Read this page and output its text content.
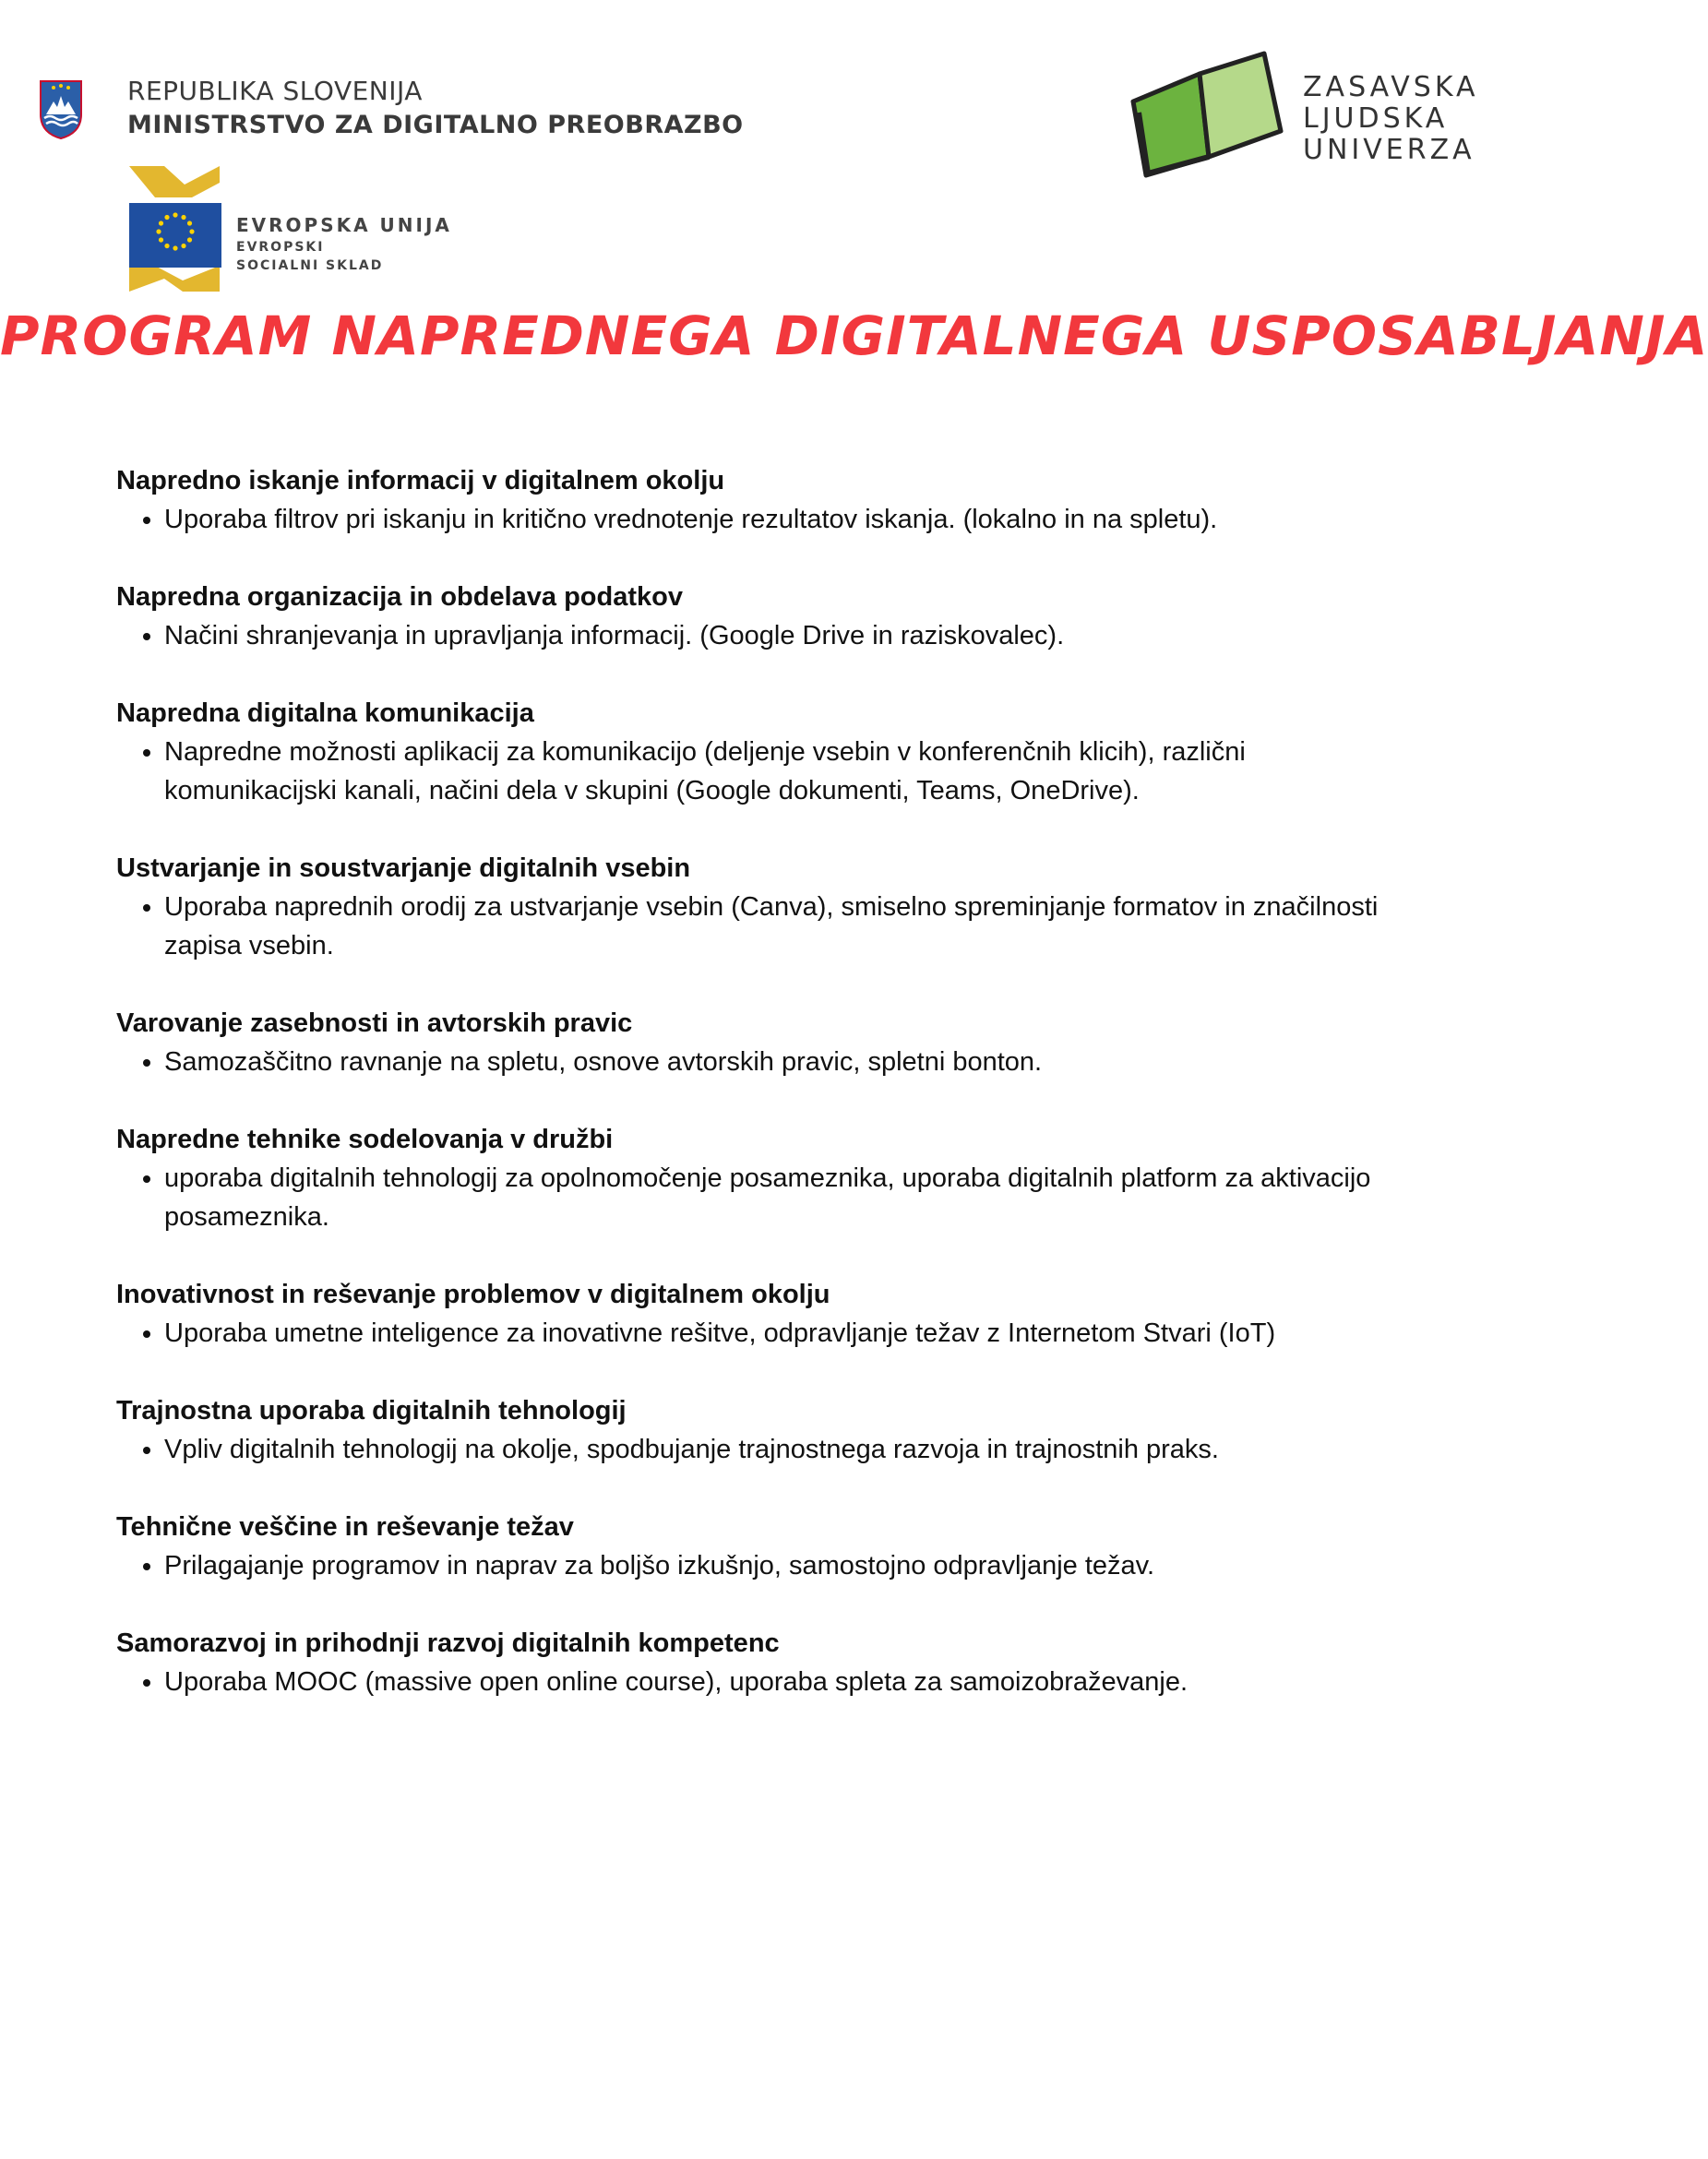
REPUBLIKA SLOVENIJA
MINISTRSTVO ZA DIGITALNO PREOBRAZBO
ZASAVSKA
LJUDSKA
UNIVERZA
EVROPSKA UNIJA
EVROPSKI
SOCIALNI SKLAD
PROGRAM NAPREDNEGA DIGITALNEGA USPOSABLJANJA

Napredno iskanje informacij v digitalnem okolju

• Uporaba filtrov pri iskanju in kritično vrednotenje rezultatov iskanja. (lokalno in na spletu).

Napredna organizacija in obdelava podatkov

• Načini shranjevanja in upravljanja informacij. (Google Drive in raziskovalec).

Napredna digitalna komunikacija

• Napredne možnosti aplikacij za komunikacijo (deljenje vsebin v konferenčnih klicih), različni komunikacijski kanali, načini dela v skupini (Google dokumenti, Teams, OneDrive).

Ustvarjanje in soustvarjanje digitalnih vsebin

• Uporaba naprednih orodij za ustvarjanje vsebin (Canva), smiselno spreminjanje formatov in značilnosti zapisa vsebin.

Varovanje zasebnosti in avtorskih pravic

• Samozaščitno ravnanje na spletu, osnove avtorskih pravic, spletni bonton.

Napredne tehnike sodelovanja v družbi

• uporaba digitalnih tehnologij za opolnomočenje posameznika, uporaba digitalnih platform za aktivacijo posameznika.

Inovativnost in reševanje problemov v digitalnem okolju

• Uporaba umetne inteligence za inovativne rešitve, odpravljanje težav z Internetom Stvari (IoT)

Trajnostna uporaba digitalnih tehnologij

• Vpliv digitalnih tehnologij na okolje, spodbujanje trajnostnega razvoja in trajnostnih praks.

Tehnične veščine in reševanje težav

• Prilagajanje programov in naprav za boljšo izkušnjo, samostojno odpravljanje težav.

Samorazvoj in prihodnji razvoj digitalnih kompetenc

• Uporaba MOOC (massive open online course), uporaba spleta za samoizobraževanje.
